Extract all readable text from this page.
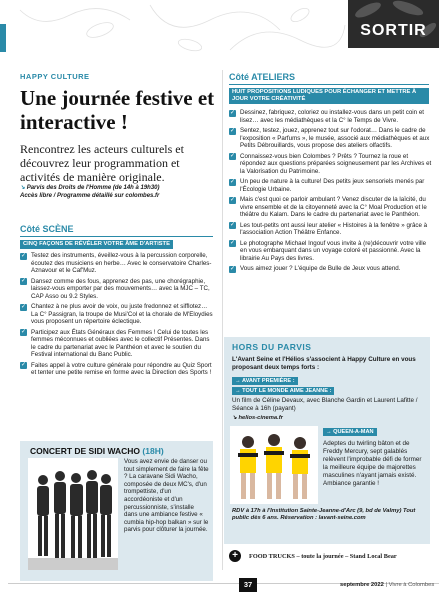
SORTIR
HAPPY CULTURE
Une journée festive et interactive !

Rencontrez les acteurs culturels et découvrez leur programmation et activités de manière originale.

↘ Parvis des Droits de l'Homme (de 14h à 19h30)
Accès libre / Programme détaillé sur colombes.fr
Côté SCÈNE
CINQ FAÇONS DE RÉVÉLER VOTRE ÂME D'ARTISTE
✓ Testez des instruments, éveillez-vous à la percussion corporelle, écoutez des musiciens en herbe… Avec le conservatoire Charles-Aznavour et le Caf'Muz.
✓ Dansez comme des fous, apprenez des pas, une chorégraphie, laissez-vous emporter par des mouvements… avec la MJC – TC, CAP Asso ou 9.2 Styles.
✓ Chantez à ne plus avoir de voix, ou juste fredonnez et sifflotez… La C° Passigran, la troupe de Musi'Col et la chorale de M'Eloydies vous proposent un répertoire éclectique.
✓ Participez aux États Généraux des Femmes ! Celui de toutes les femmes méconnues et oubliées avec le collectif Présentes. Dans le cadre du partenariat avec le Panthéon et avec le soutien du Festival international du Banc Public.
✓ Faites appel à votre culture générale pour répondre au Quiz Sport et tenter une petite remise en forme avec la Direction des Sports !
CONCERT DE SIDI WACHO (18H)

Vous avez envie de danser ou tout simplement de faire la fête ? La caravane Sidi Wacho, composée de deux MC's, d'un trompettiste, d'un accordéoniste et d'un percussionniste, s'installe dans une ambiance festive « cumbia hip-hop balkan » sur le parvis pour clôturer la journée.

Côté ATELIERS
HUIT PROPOSITIONS LUDIQUES POUR ÉCHANGER ET METTRE À JOUR VOTRE CRÉATIVITÉ
✓ Dessinez, fabriquez, coloriez ou installez-vous dans un petit coin et lisez… avec les médiathèques et la C° le Temps de Vivre.
✓ Sentez, testez, jouez, apprenez tout sur l'odorat… Dans le cadre de l'exposition « Parfums », le musée, associé aux médiathèques et aux Petits Débrouillards, vous propose des ateliers olfactifs.
✓ Connaissez-vous bien Colombes ? Prêts ? Tournez la roue et répondez aux questions préparées soigneusement par les Archives et la Valorisation du Patrimoine.
✓ Un peu de nature à la culture! Des petits jeux sensoriels menés par l'Écologie Urbaine.
✓ Mais c'est quoi ce parloir ambulant ? Venez discuter de la laïcité, du vivre ensemble et de la citoyenneté avec la C° Moal Production et le théâtre du Kalam. Dans le cadre du partenariat avec le Panthéon.
✓ Les tout-petits ont aussi leur atelier « Histoires à la fenêtre » grâce à l'association Action Théâtre Enfance.
✓ Le photographe Michael Ingouf vous invite à (re)découvrir votre ville en vous embarquant dans un voyage coloré et passionné. Avec la librairie Au Pays des livres.
✓ Vous aimez jouer ? L'équipe de Bulle de Jeux vous attend.
HORS DU PARVIS

L'Avant Seine et l'Hélios s'associent à Happy Culture en vous proposant deux temps forts :

→ AVANT PREMIÈRE :
→ TOUT LE MONDE AIME JEANNE :

Un film de Céline Devaux, avec Blanche Gardin et Laurent Lafitte / Séance à 16h (payant)

↘ helios-cinema.fr
→ QUEEN-A-MAN

Adeptes du twirling bâton et de Freddy Mercury, sept galablés relèvent l'improbable défi de former la meilleure équipe de majorettes masculines n'ayant jamais existé. Ambiance garantie !

RDV à 17h à l'Institution Sainte-Jeanne-d'Arc (9, bd de Valmy) Tout public dès 6 ans. Réservation : lavant-seine.com

+	FOOD TRUCKS – toute la journée – Stand Local Bear
37	septembre 2022 | Vivre à Colombes
